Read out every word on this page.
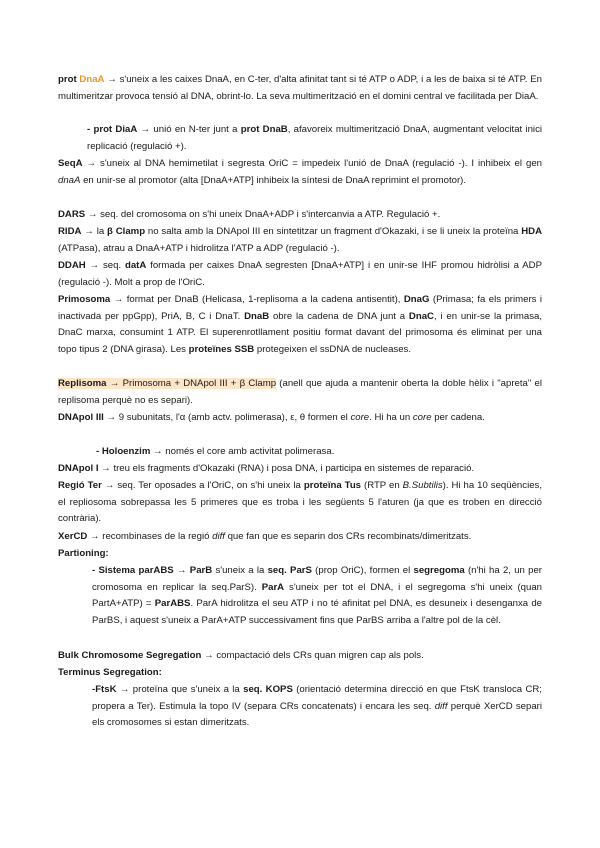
prot DnaA → s'uneix a les caixes DnaA, en C-ter, d'alta afinitat tant si té ATP o ADP, i a les de baixa si té ATP. En multimeritzar provoca tensió al DNA, obrint-lo. La seva multimerització en el domini central ve facilitada per DiaA.

- prot DiaA → unió en N-ter junt a prot DnaB, afavoreix multimerització DnaA, augmentant velocitat inici replicació (regulació +).

SeqA → s'uneix al DNA hemimetilat i segresta OriC = impedeix l'unió de DnaA (regulació -). I inhibeix el gen dnaA en unir-se al promotor (alta [DnaA+ATP] inhibeix la síntesi de DnaA reprimint el promotor).

DARS → seq. del cromosoma on s'hi uneix DnaA+ADP i s'intercanvia a ATP. Regulació +.

RIDA → la β Clamp no salta amb la DNApol III en sintetitzar un fragment d'Okazaki, i se li uneix la proteïna HDA (ATPasa), atrau a DnaA+ATP i hidrolitza l'ATP a ADP (regulació -).

DDAH → seq. datA formada per caixes DnaA segresten [DnaA+ATP] i en unir-se IHF promou hidròlisi a ADP (regulació -). Molt a prop de l'OriC.

Primosoma → format per DnaB (Helicasa, 1-replisoma a la cadena antisentit), DnaG (Primasa; fa els primers i inactivada per ppGpp), PriA, B, C i DnaT. DnaB obre la cadena de DNA junt a DnaC, i en unir-se la primasa, DnaC marxa, consumint 1 ATP. El superenrotllament positiu format davant del primosoma és eliminat per una topo tipus 2 (DNA girasa). Les proteïnes SSB protegeixen el ssDNA de nucleases.

Replisoma → Primosoma + DNApol III + β Clamp (anell que ajuda a mantenir oberta la doble hèlix i "apreta" el replisoma perquè no es separi).

DNApol III → 9 subunitats, l'α (amb actv. polimerasa), ε, θ formen el core. Hi ha un core per cadena.

- Holoenzim → només el core amb activitat polimerasa.

DNApol I → treu els fragments d'Okazaki (RNA) i posa DNA, i participa en sistemes de reparació.

Regió Ter → seq. Ter oposades a l'OriC, on s'hi uneix la proteïna Tus (RTP en B.Subtilis). Hi ha 10 seqüències, el repliosoma sobrepassa les 5 primeres que es troba i les següents 5 l'aturen (ja que es troben en direcció contrària).

XerCD → recombinases de la regió diff que fan que es separin dos CRs recombinats/dimeritzats.

Partioning:

- Sistema parABS → ParB s'uneix a la seq. ParS (prop OriC), formen el segregoma (n'hi ha 2, un per cromosoma en replicar la seq.ParS). ParA s'uneix per tot el DNA, i el segregoma s'hi uneix (quan PartA+ATP) = ParABS. ParA hidrolitza el seu ATP i no té afinitat pel DNA, es desuneix i desenganxa de ParBS, i aquest s'uneix a ParA+ATP successivament fins que ParBS arriba a l'altre pol de la cèl.

Bulk Chromosome Segregation → compactació dels CRs quan migren cap als pols.

Terminus Segregation:

-FtsK → proteïna que s'uneix a la seq. KOPS (orientació determina direcció en que FtsK transloca CR; propera a Ter). Estimula la topo IV (separa CRs concatenats) i encara les seq. diff perquè XerCD separi els cromosomes si estan dimeritzats.
